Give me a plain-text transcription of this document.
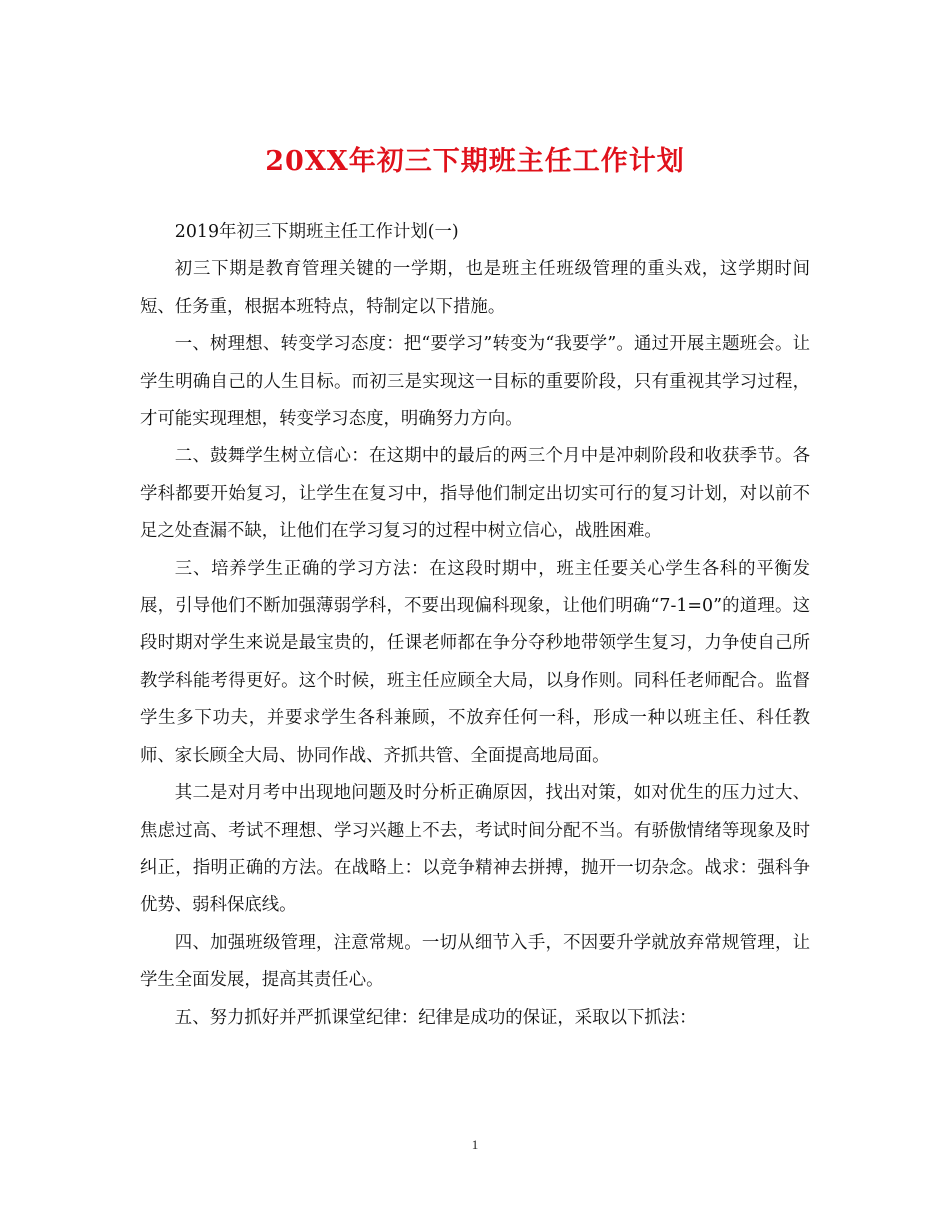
20XX年初三下期班主任工作计划

2019年初三下期班主任工作计划(一)

初三下期是教育管理关键的一学期，也是班主任班级管理的重头戏，这学期时间短、任务重，根据本班特点，特制定以下措施。

一、树理想、转变学习态度：把“要学习”转变为“我要学”。通过开展主题班会。让学生明确自己的人生目标。而初三是实现这一目标的重要阶段，只有重视其学习过程，才可能实现理想，转变学习态度，明确努力方向。

二、鼓舞学生树立信心：在这期中的最后的两三个月中是冲刺阶段和收获季节。各学科都要开始复习，让学生在复习中，指导他们制定出切实可行的复习计划，对以前不足之处查漏不缺，让他们在学习复习的过程中树立信心，战胜困难。

三、培养学生正确的学习方法：在这段时期中，班主任要关心学生各科的平衡发展，引导他们不断加强薄弱学科，不要出现偏科现象，让他们明确“7-1=0”的道理。这段时期对学生来说是最宝贵的，任课老师都在争分夺秒地带领学生复习，力争使自己所教学科能考得更好。这个时候，班主任应顾全大局，以身作则。同科任老师配合。监督学生多下功夫，并要求学生各科兼顾，不放弃任何一科，形成一种以班主任、科任教师、家长顾全大局、协同作战、齐抓共管、全面提高地局面。

其二是对月考中出现地问题及时分析正确原因，找出对策，如对优生的压力过大、焦虑过高、考试不理想、学习兴趣上不去，考试时间分配不当。有骄傲情绪等现象及时纠正，指明正确的方法。在战略上：以竞争精神去拼搏，抛开一切杂念。战求：强科争优势、弱科保底线。

四、加强班级管理，注意常规。一切从细节入手，不因要升学就放弃常规管理，让学生全面发展，提高其责任心。

五、努力抓好并严抓课堂纪律：纪律是成功的保证，采取以下抓法：

1
